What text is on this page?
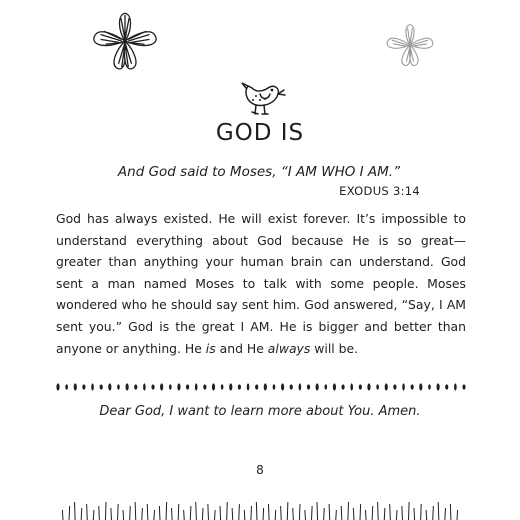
GOD IS
And God said to Moses, “I AM WHO I AM.”
EXODUS 3:14

God has always existed. He will exist forever. It’s impossible to understand everything about God because He is so great—greater than anything your human brain can understand. God sent a man named Moses to talk with some people. Moses wondered who he should say sent him. God answered, “Say, I AM sent you.” God is the great I AM. He is bigger and better than anyone or anything. He is and He always will be.

Dear God, I want to learn more about You. Amen.
8
